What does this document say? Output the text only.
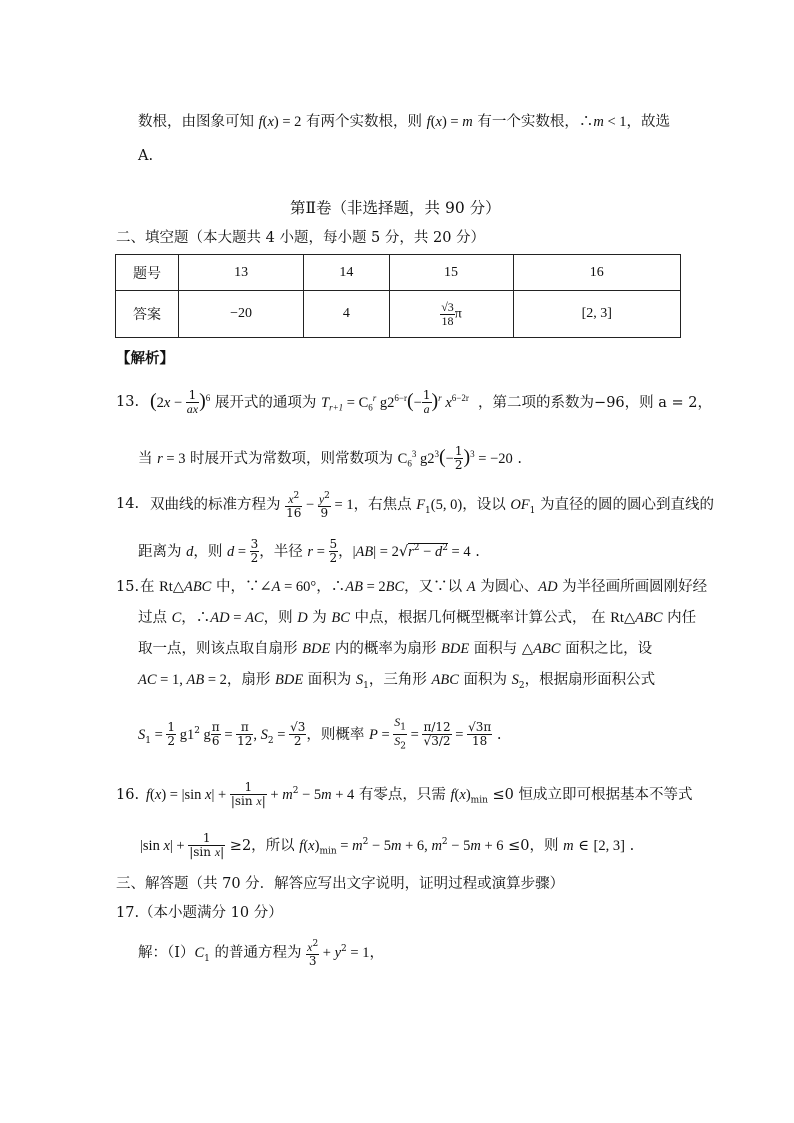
数根，由图象可知 f(x) = 2 有两个实数根，则 f(x) = m 有一个实数根，∴m < 1，故选
A.
第Ⅱ卷（非选择题，共 90 分）
二、填空题（本大题共 4 小题，每小题 5 分，共 20 分）
题号	13	14	15	16
答案	−20	4	$\frac{√3}{18}$ π	[2, 3]
【解析】
13. $(2x - \frac{1}{ax} )^6$ 展开式的通项为 $T_{r+1} = C_6^r$ $g2^{6-r}(- \frac{1}{a} )^r$ $x^{6-2r}$ ，第二项的系数为−96，则 a = 2，
当 r = 3 时展开式为常数项，则常数项为 $C_6^3$ $g2^3(- \frac{1}{2} )^3 = -20$ .
14. 双曲线的标准方程为 $\frac{x^2}{16} - \frac{y^2}{9} = 1$，右焦点 $F_1(5$, 0)，设以 $OF_1$ 为直径的圆的圆心到直线的
距离为 d，则 $d = \frac{3}{2}$ ，半径 $r = \frac{5}{2}$ ，$|AB| = 2√r^2 - d^2 = 4$ .
15. 在 Rt△ABC 中，∵∠A = 60°，∴AB = 2BC，又∵以 A 为圆心、AD 为半径画所画圆刚好经
过点 C，∴AD = AC，则 D 为 BC 中点，根据几何概型概率计算公式， 在 Rt△ABC 内任
取一点，则该点取自扇形 BDE 内的概率为扇形 BDE 面积与 △ABC 面积之比，设
AC = 1, AB = 2，扇形 BDE 面积为 $S_1$，三角形 ABC 面积为 $S_2$，根据扇形面积公式
$S_1 = \frac{1}{2} g1^2$ g $\frac{\pi}{6} = \frac{\pi}{12}$ , $S_2 = \frac{√3}{2}$ ，则概率 $P = \frac{S_1}{S_2} = \frac{\pi/12}{√3/2} = \frac{√3\pi}{18}$ .
16. f(x) = |sin $x| + \frac{1}{\text{|sin x|}} + m^2 - 5m + 4$ 有零点，只需 $f(x)_{min} \le 0$ 恒成立即可根据基本不等式
|sin $x| + \frac{1}{\text{|sin x|}} \ge 2$，所以 $f(x)_{min} = m^2 - 5m + 6$, $m^2 - 5m + 6 \le 0$，则 m ∈ [2, 3] .
三、解答题（共 70 分．解答应写出文字说明，证明过程或演算步骤）
17.（本小题满分 10 分）
解：$(Ⅰ)C_1$ 的普通方程为 $\frac{x^2}{3} + y^2 = 1$，
